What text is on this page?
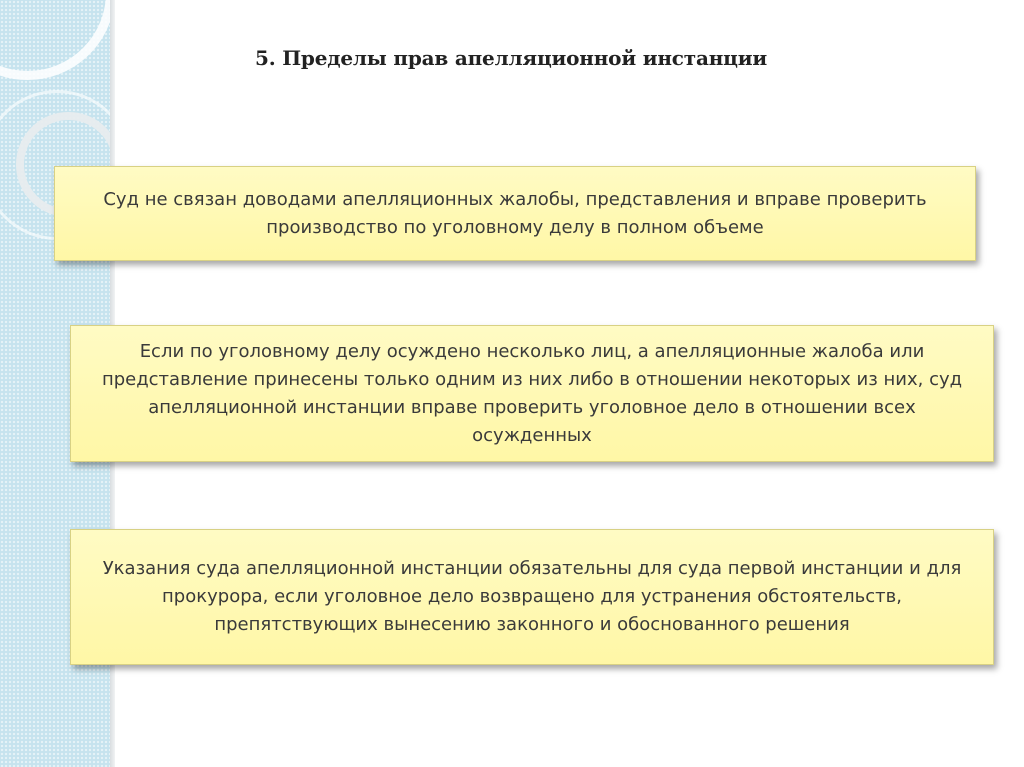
5. Пределы прав апелляционной инстанции
Суд не связан доводами апелляционных жалобы, представления и вправе проверить производство по уголовному делу в полном объеме
Если по уголовному делу осуждено несколько лиц, а апелляционные жалоба или представление принесены только одним из них либо в отношении некоторых из них, суд апелляционной инстанции вправе проверить уголовное дело в отношении всех осужденных
Указания суда апелляционной инстанции обязательны для суда первой инстанции и для прокурора, если уголовное дело возвращено для устранения обстоятельств, препятствующих вынесению законного и обоснованного решения
